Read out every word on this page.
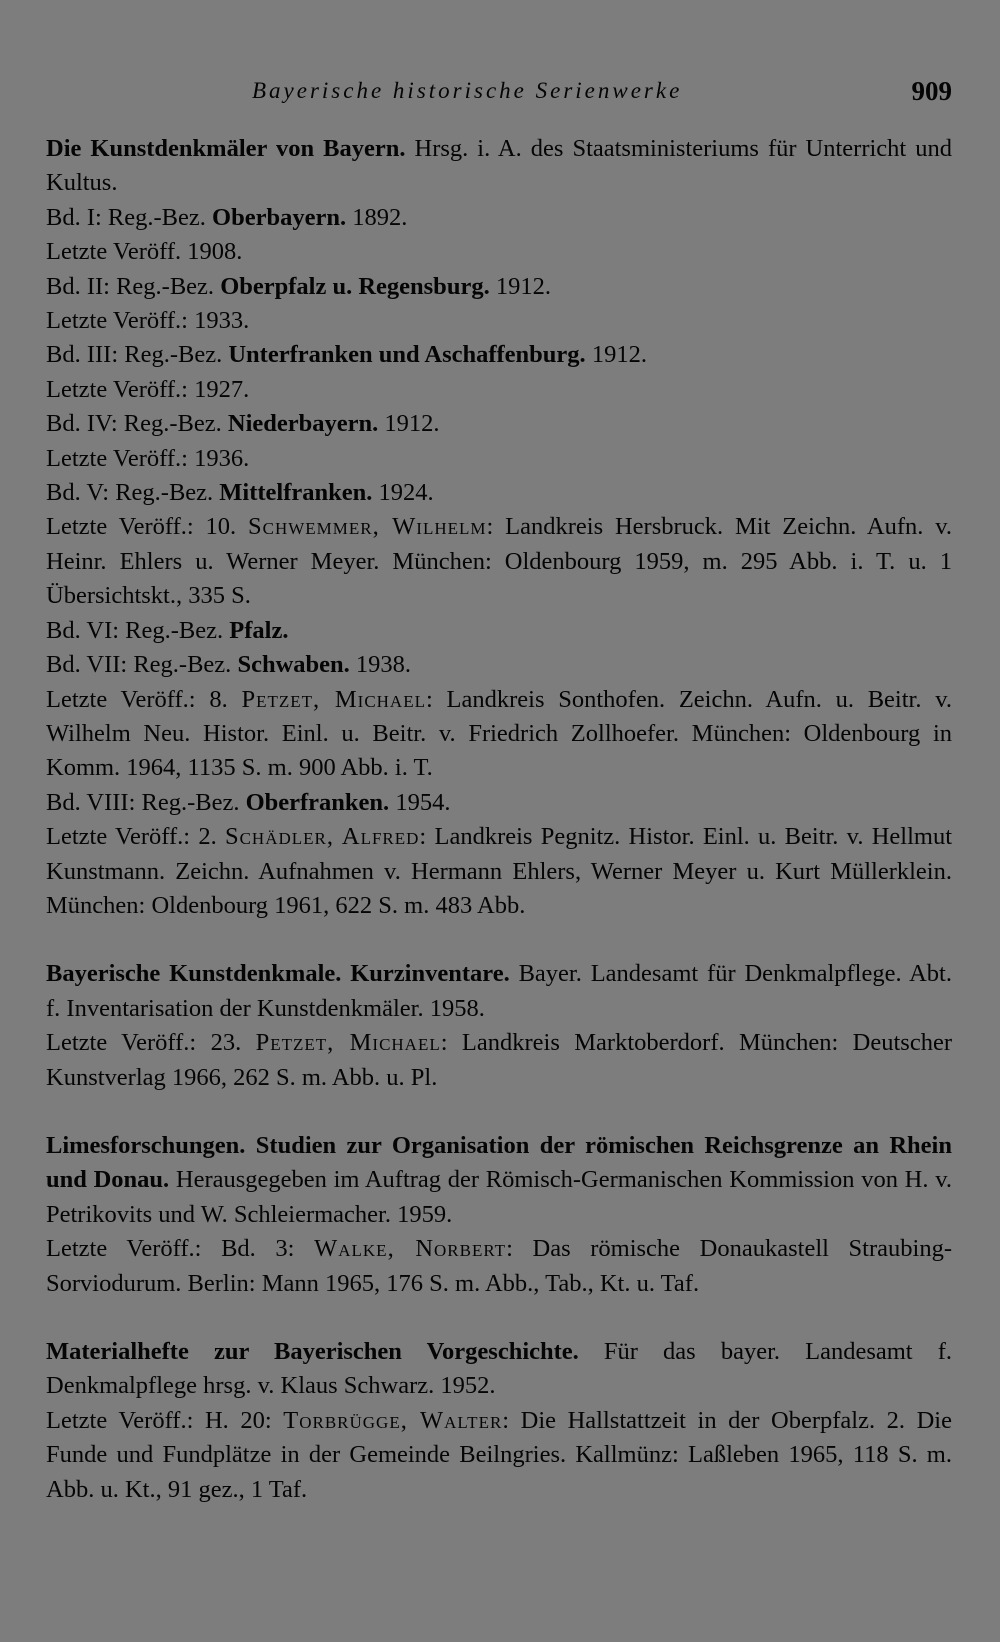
Bayerische historische Serienwerke	909

Die Kunstdenkmäler von Bayern. Hrsg. i. A. des Staatsministeriums für Unterricht und Kultus.

Bd. I: Reg.-Bez. Oberbayern. 1892.

Letzte Veröff. 1908.

Bd. II: Reg.-Bez. Oberpfalz u. Regensburg. 1912.

Letzte Veröff.: 1933.

Bd. III: Reg.-Bez. Unterfranken und Aschaffenburg. 1912.

Letzte Veröff.: 1927.

Bd. IV: Reg.-Bez. Niederbayern. 1912.

Letzte Veröff.: 1936.

Bd. V: Reg.-Bez. Mittelfranken. 1924.

Letzte Veröff.: 10. Schwemmer, Wilhelm: Landkreis Hersbruck. Mit Zeichn. Aufn. v. Heinr. Ehlers u. Werner Meyer. München: Oldenbourg 1959, m. 295 Abb. i. T. u. 1 Übersichtskt., 335 S.

Bd. VI: Reg.-Bez. Pfalz.

Bd. VII: Reg.-Bez. Schwaben. 1938.

Letzte Veröff.: 8. Petzet, Michael: Landkreis Sonthofen. Zeichn. Aufn. u. Beitr. v. Wilhelm Neu. Histor. Einl. u. Beitr. v. Friedrich Zollhoefer. München: Oldenbourg in Komm. 1964, 1135 S. m. 900 Abb. i. T.

Bd. VIII: Reg.-Bez. Oberfranken. 1954.

Letzte Veröff.: 2. Schädler, Alfred: Landkreis Pegnitz. Histor. Einl. u. Beitr. v. Hellmut Kunstmann. Zeichn. Aufnahmen v. Hermann Ehlers, Werner Meyer u. Kurt Müllerklein. München: Oldenbourg 1961, 622 S. m. 483 Abb.

Bayerische Kunstdenkmale. Kurzinventare. Bayer. Landesamt für Denkmalpflege. Abt. f. Inventarisation der Kunstdenkmäler. 1958.

Letzte Veröff.: 23. Petzet, Michael: Landkreis Marktoberdorf. München: Deutscher Kunstverlag 1966, 262 S. m. Abb. u. Pl.

Limesforschungen. Studien zur Organisation der römischen Reichsgrenze an Rhein und Donau. Herausgegeben im Auftrag der Römisch-Germanischen Kommission von H. v. Petrikovits und W. Schleiermacher. 1959.

Letzte Veröff.: Bd. 3: Walke, Norbert: Das römische Donaukastell Straubing-Sorviodurum. Berlin: Mann 1965, 176 S. m. Abb., Tab., Kt. u. Taf.

Materialhefte zur Bayerischen Vorgeschichte. Für das bayer. Landesamt f. Denkmalpflege hrsg. v. Klaus Schwarz. 1952.

Letzte Veröff.: H. 20: Torbrügge, Walter: Die Hallstattzeit in der Oberpfalz. 2. Die Funde und Fundplätze in der Gemeinde Beilngries. Kallmünz: Laßleben 1965, 118 S. m. Abb. u. Kt., 91 gez., 1 Taf.
